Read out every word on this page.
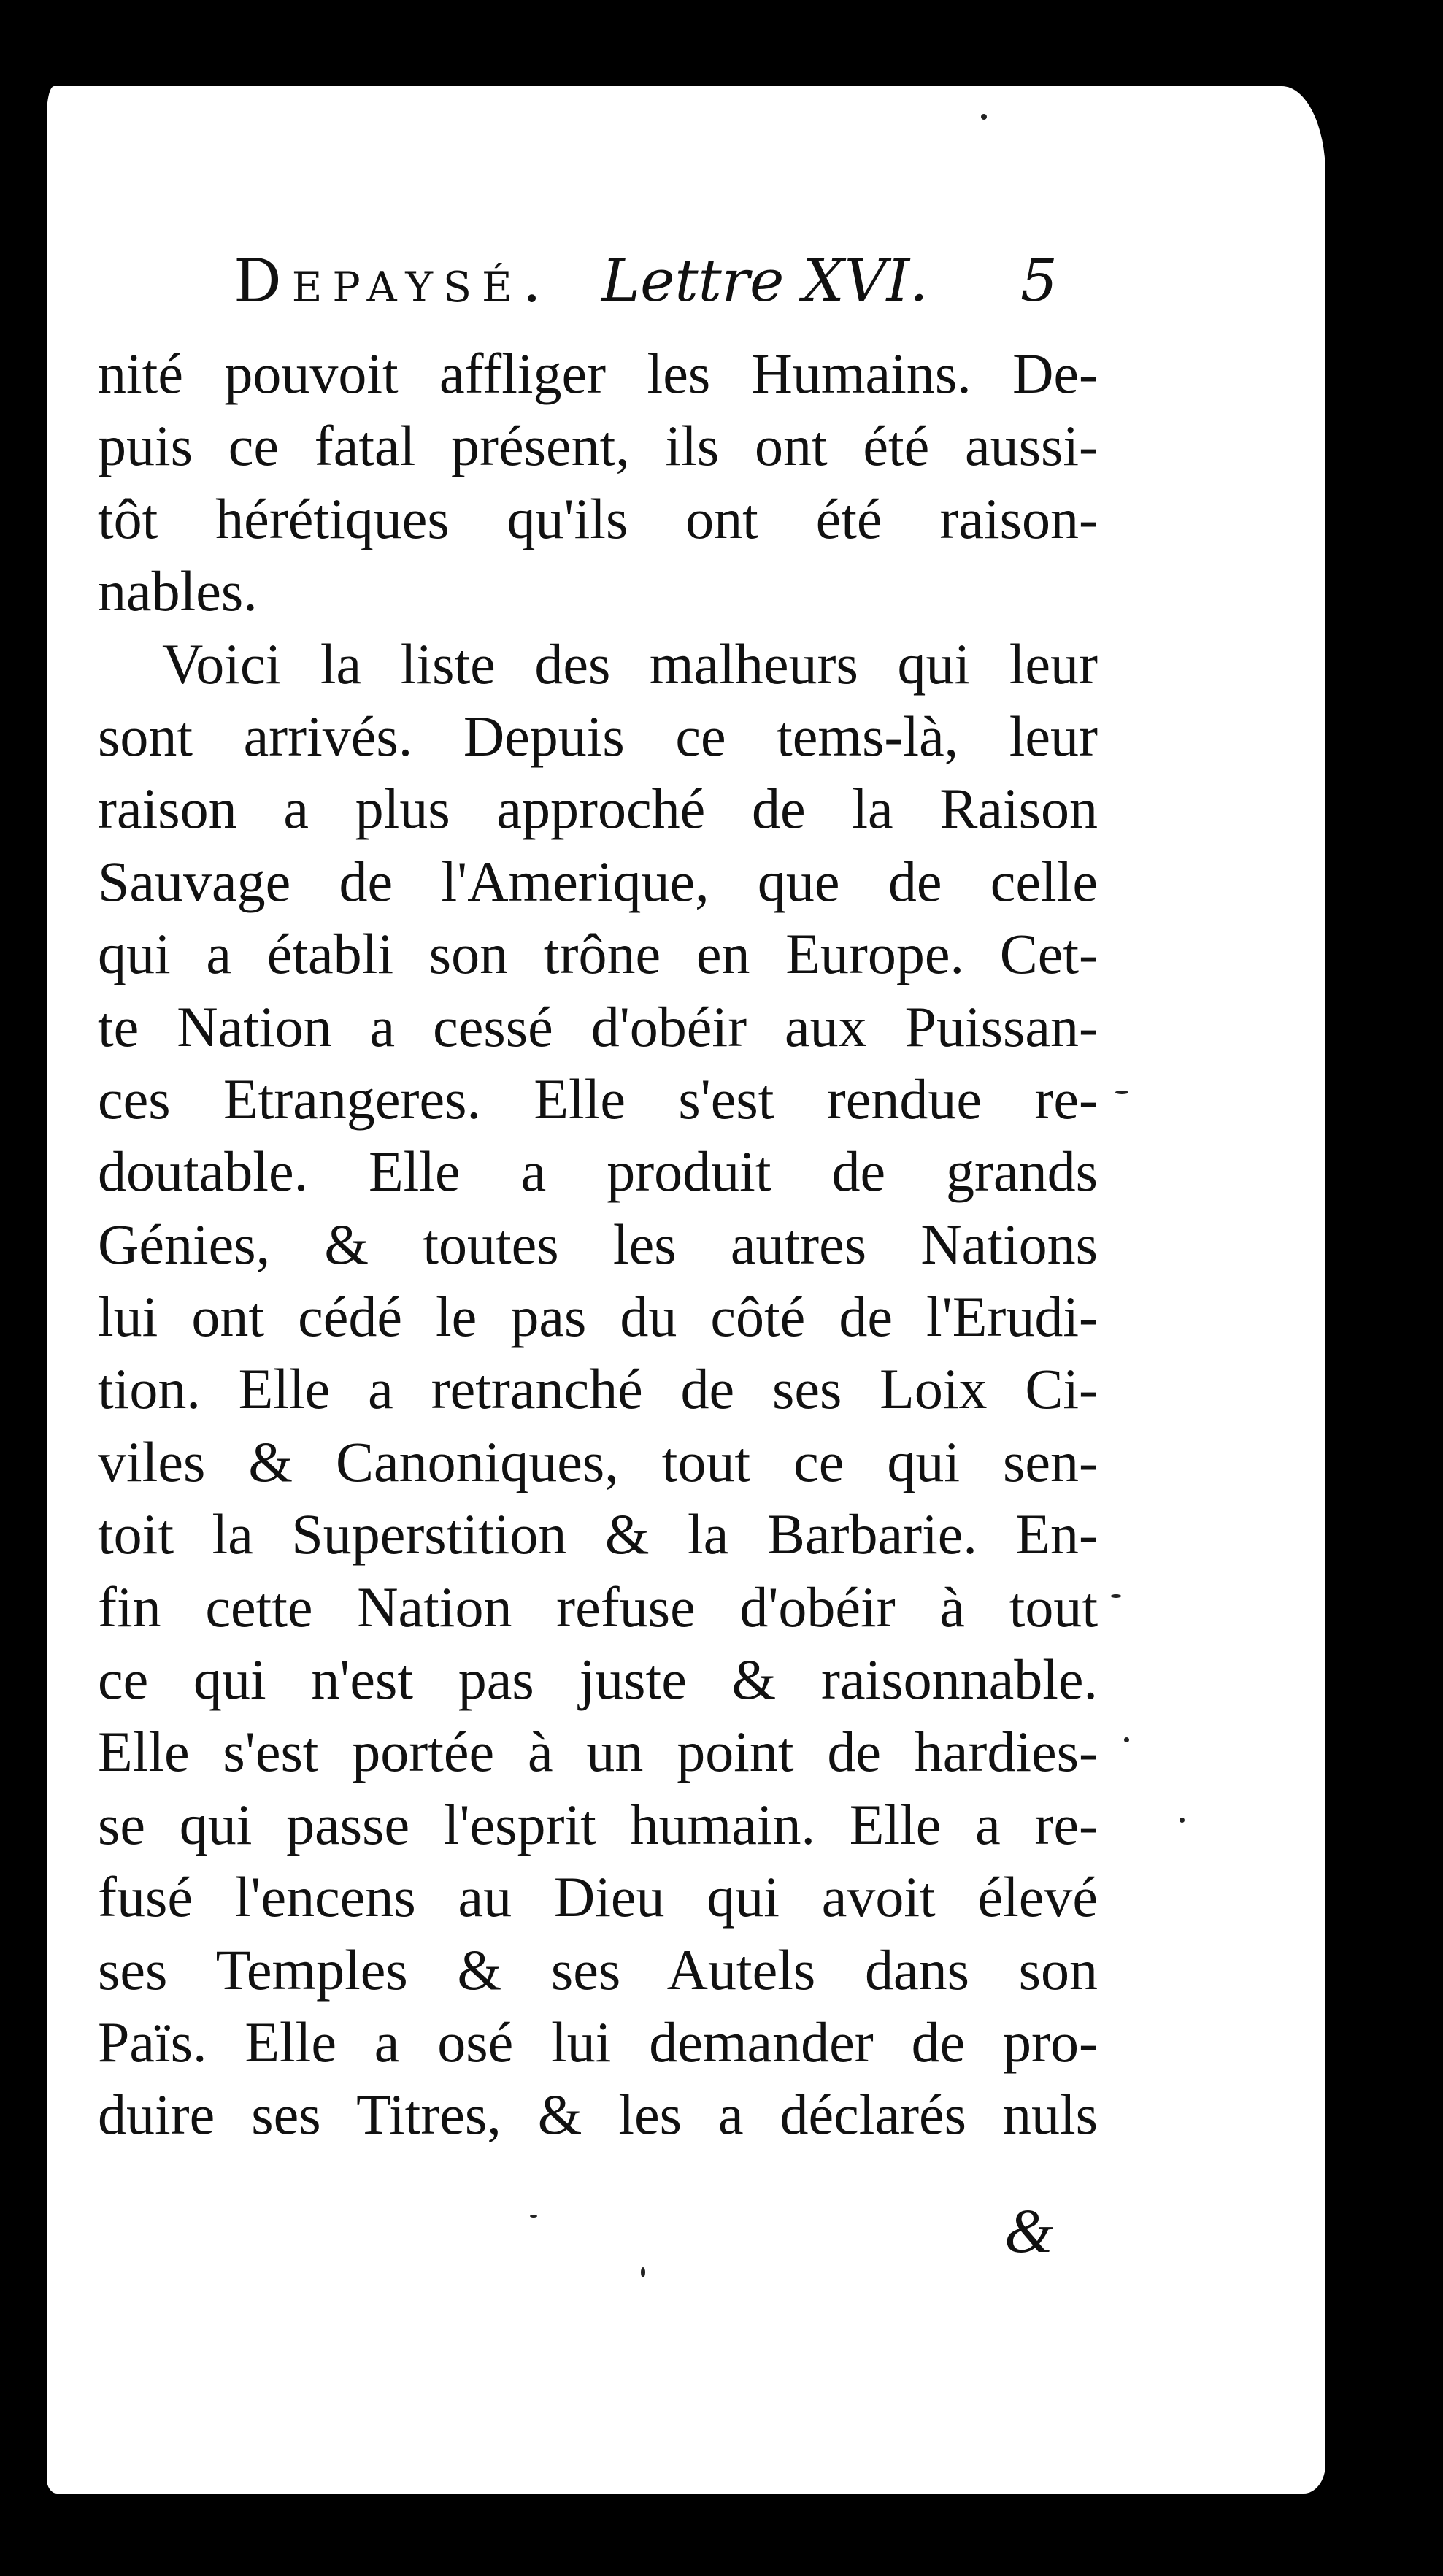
Depaysé. Lettre XVI. 5
nité pouvoit affliger les Humains. De-
puis ce fatal présent, ils ont été aussi-
tôt hérétiques qu'ils ont été raison-
nables.
Voici la liste des malheurs qui leur
sont arrivés. Depuis ce tems-là, leur
raison a plus approché de la Raison
Sauvage de l'Amerique, que de celle
qui a établi son trône en Europe. Cet-
te Nation a cessé d'obéir aux Puissan-
ces Etrangeres. Elle s'est rendue re-
doutable. Elle a produit de grands
Génies, & toutes les autres Nations
lui ont cédé le pas du côté de l'Erudi-
tion. Elle a retranché de ses Loix Ci-
viles & Canoniques, tout ce qui sen-
toit la Superstition & la Barbarie. En-
fin cette Nation refuse d'obéir à tout
ce qui n'est pas juste & raisonnable.
Elle s'est portée à un point de hardies-
se qui passe l'esprit humain. Elle a re-
fusé l'encens au Dieu qui avoit élevé
ses Temples & ses Autels dans son
Païs. Elle a osé lui demander de pro-
duire ses Titres, & les a déclarés nuls
&
